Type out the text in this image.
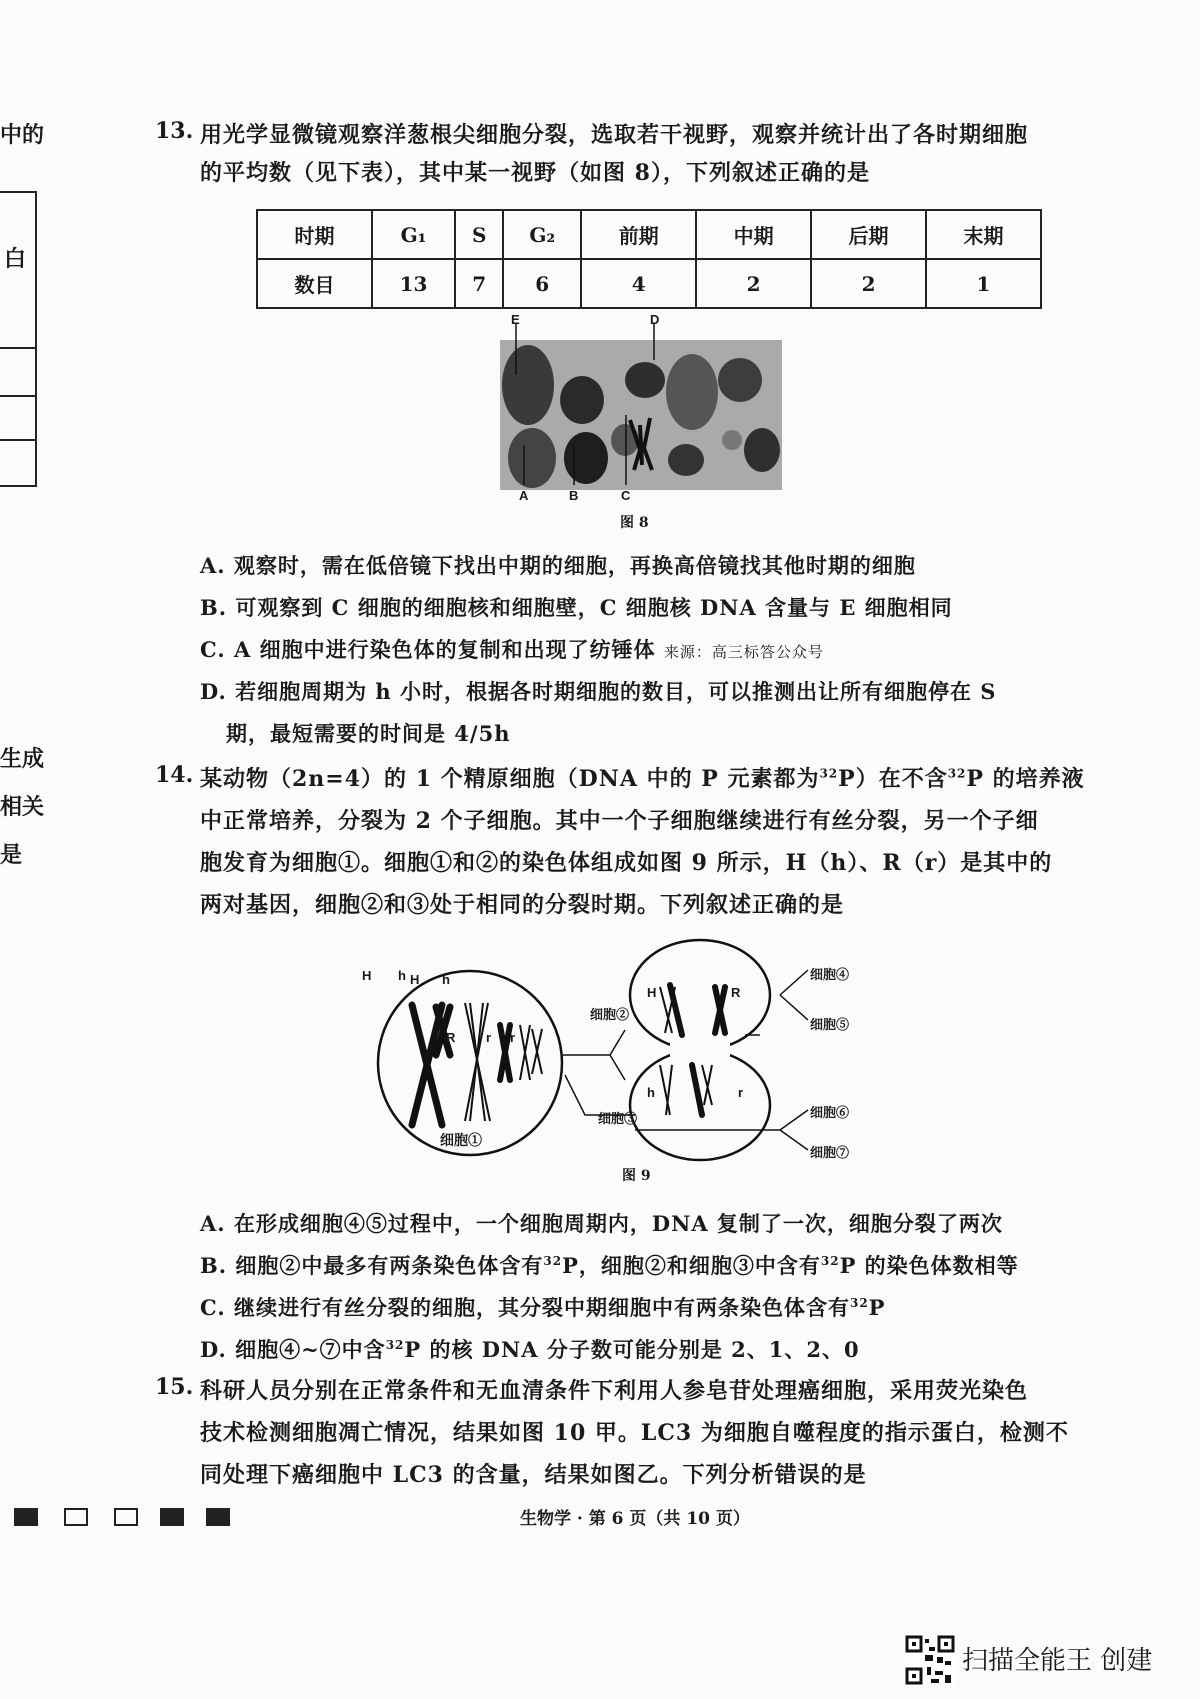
中的
白
生成
相关
是
13. 用光学显微镜观察洋葱根尖细胞分裂，选取若干视野，观察并统计出了各时期细胞
的平均数（见下表），其中某一视野（如图 8），下列叙述正确的是
时期	G₁	S	G₂	前期	中期	后期	末期
数目	13	7	6	4	2	2	1
E	D
A	B	C
图 8
A. 观察时，需在低倍镜下找出中期的细胞，再换高倍镜找其他时期的细胞
B. 可观察到 C 细胞的细胞核和细胞壁，C 细胞核 DNA 含量与 E 细胞相同
C. A 细胞中进行染色体的复制和出现了纺锤体 来源：高三标答公众号
D. 若细胞周期为 h 小时，根据各时期细胞的数目，可以推测出让所有细胞停在 S
期，最短需要的时间是 4/5h
14. 某动物（2n=4）的 1 个精原细胞（DNA 中的 P 元素都为$^{32}$P）在不含$^{32}$P 的培养液
中正常培养，分裂为 2 个子细胞。其中一个子细胞继续进行有丝分裂，另一个子细
胞发育为细胞①。细胞①和②的染色体组成如图 9 所示，H（h）、R（r）是其中的
两对基因，细胞②和③处于相同的分裂时期。下列叙述正确的是
H h H h
R r r
H	R
h	r
细胞①
细胞②
细胞③
细胞④
细胞⑤
细胞⑥
细胞⑦
图 9
A. 在形成细胞④⑤过程中，一个细胞周期内，DNA 复制了一次，细胞分裂了两次
B. 细胞②中最多有两条染色体含有$^{32}$P，细胞②和细胞③中含有$^{32}$P 的染色体数相等
C. 继续进行有丝分裂的细胞，其分裂中期细胞中有两条染色体含有$^{32}$P
D. 细胞④~⑦中含$^{32}$P 的核 DNA 分子数可能分别是 2、1、2、0
15. 科研人员分别在正常条件和无血清条件下利用人参皂苷处理癌细胞，采用荧光染色
技术检测细胞凋亡情况，结果如图 10 甲。LC3 为细胞自噬程度的指示蛋白，检测不
同处理下癌细胞中 LC3 的含量，结果如图乙。下列分析错误的是
生物学 · 第 6 页（共 10 页）
扫描全能王 创建
